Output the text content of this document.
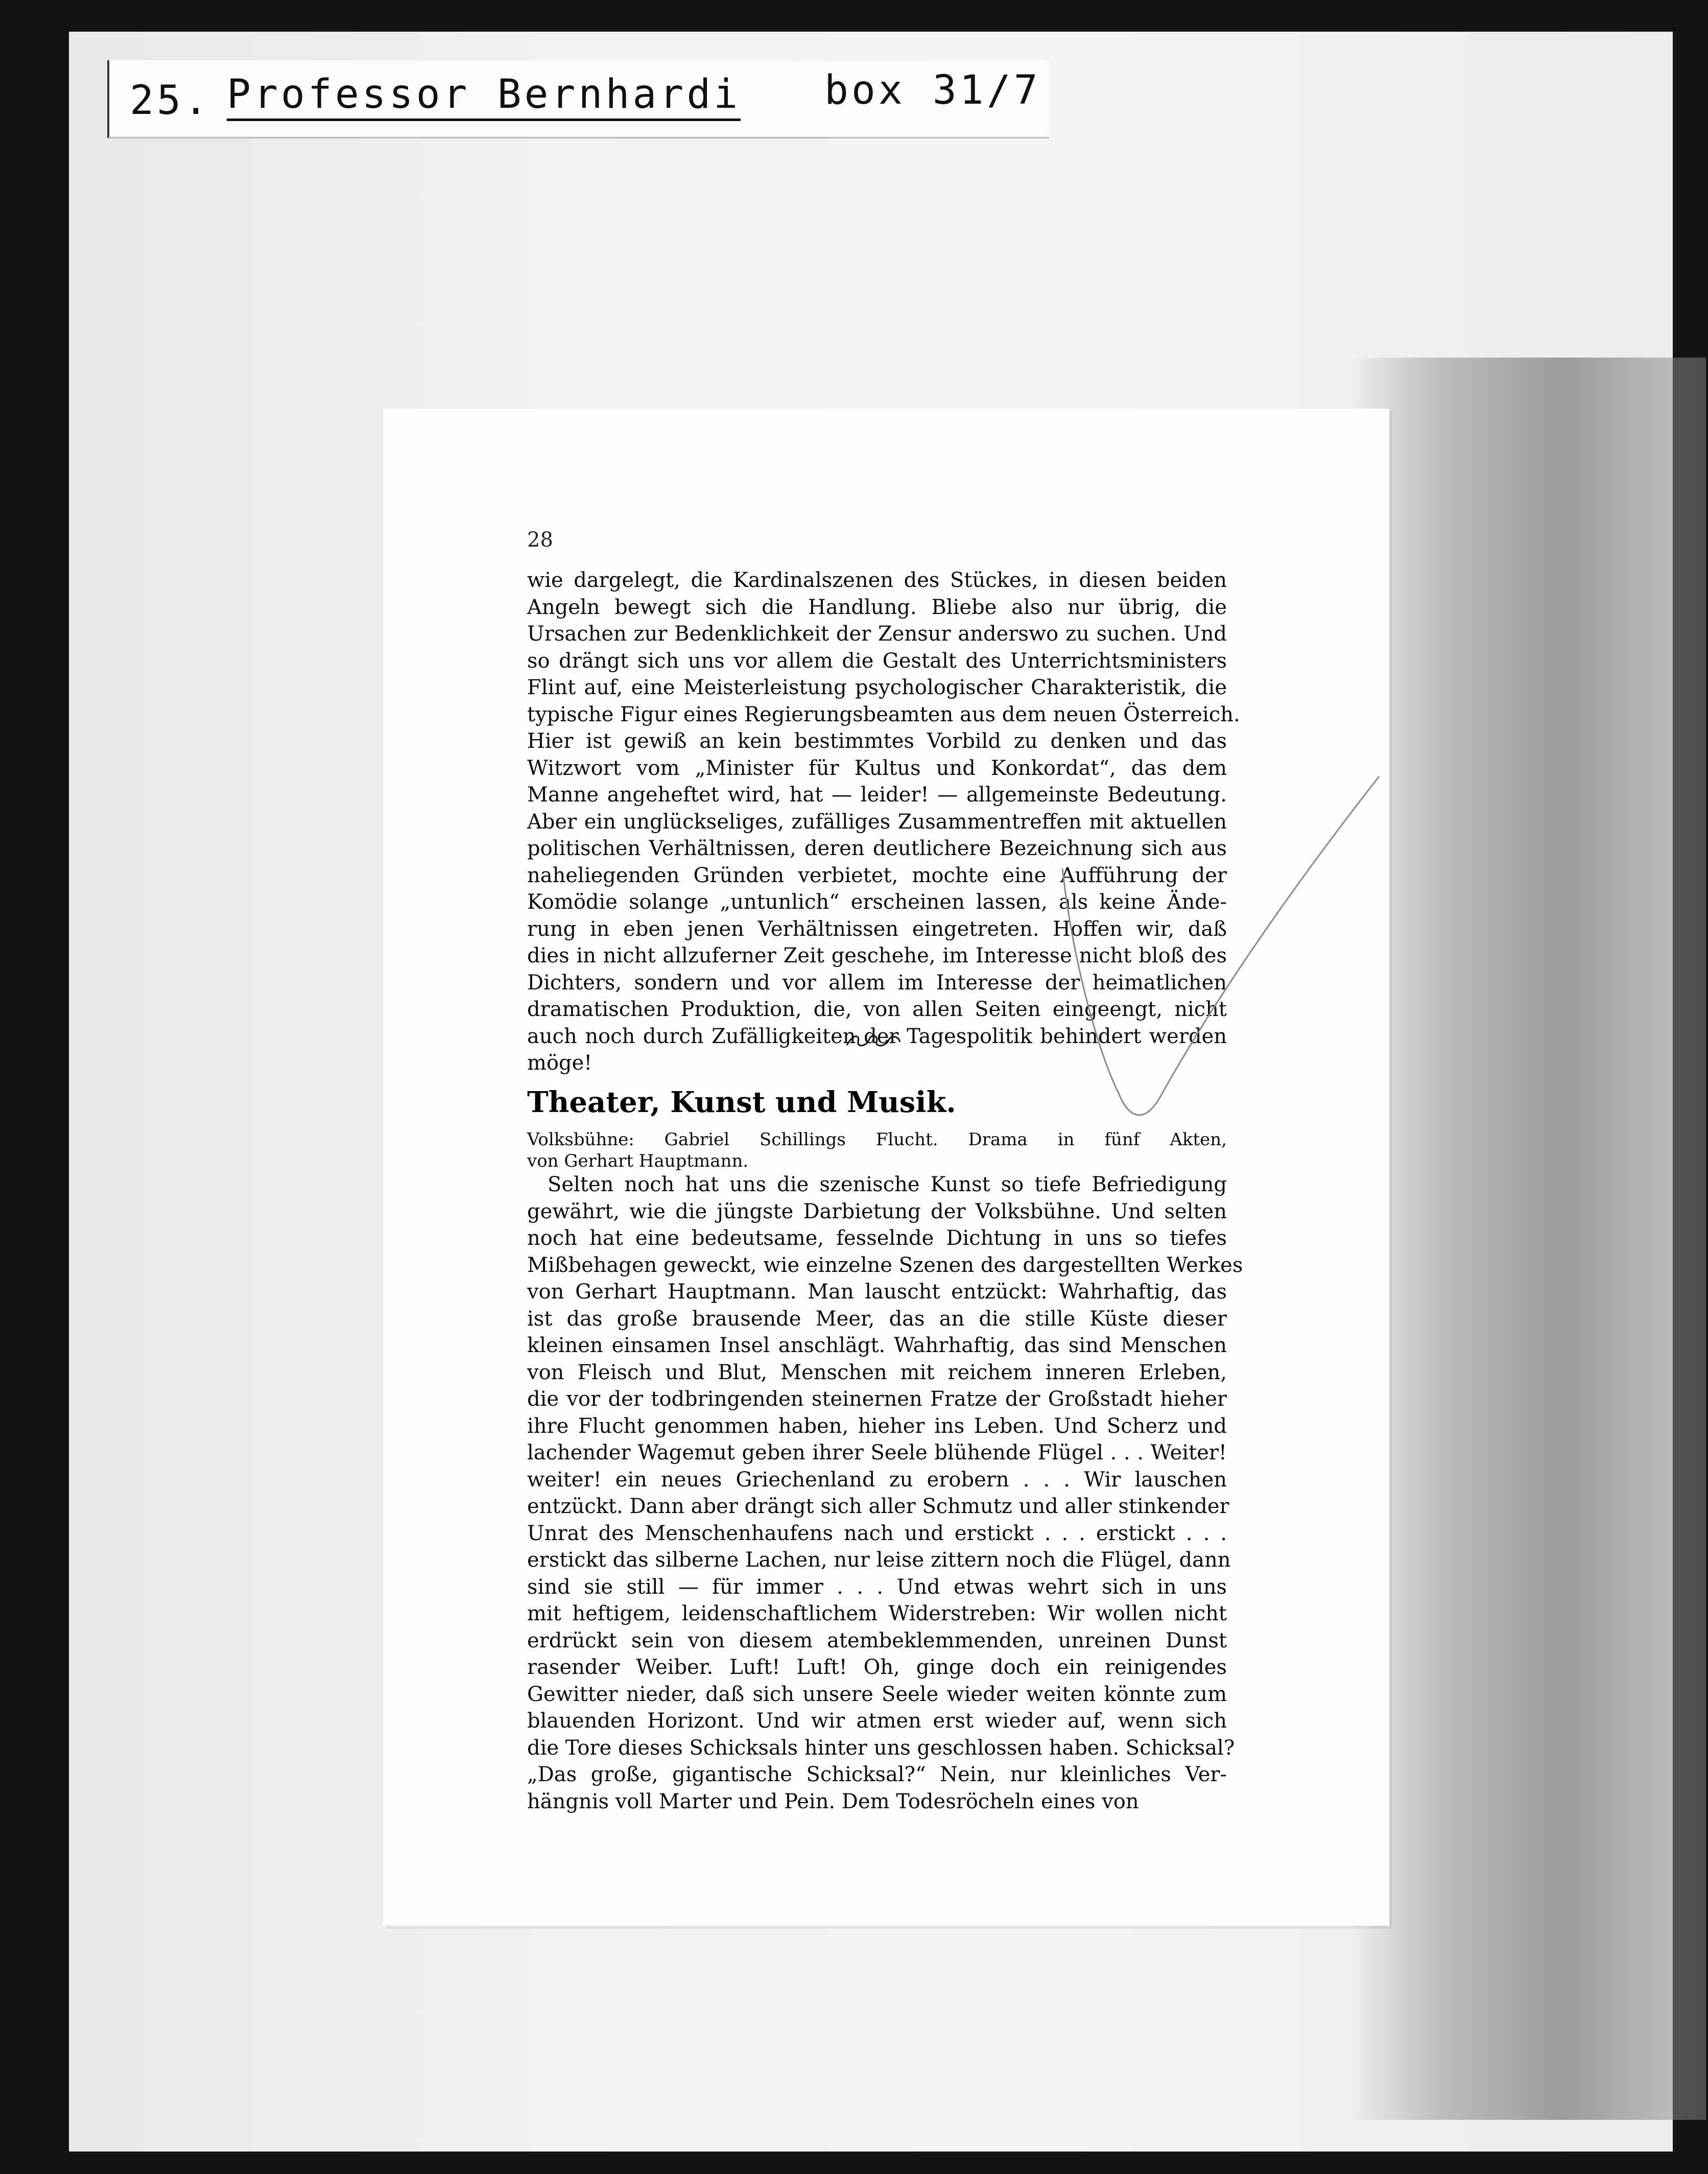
25. Professor Bernhardi box 31/7
28
wie dargelegt, die Kardinalszenen des Stückes, in diesen beiden
Angeln bewegt sich die Handlung. Bliebe also nur übrig, die
Ursachen zur Bedenklichkeit der Zensur anderswo zu suchen. Und
so drängt sich uns vor allem die Gestalt des Unterrichtsministers
Flint auf, eine Meisterleistung psychologischer Charakteristik, die
typische Figur eines Regierungsbeamten aus dem neuen Österreich.
Hier ist gewiß an kein bestimmtes Vorbild zu denken und das
Witzwort vom „Minister für Kultus und Konkordat“, das dem
Manne angeheftet wird, hat — leider! — allgemeinste Bedeutung.
Aber ein unglückseliges, zufälliges Zusammentreffen mit aktuellen
politischen Verhältnissen, deren deutlichere Bezeichnung sich aus
naheliegenden Gründen verbietet, mochte eine Aufführung der
Komödie solange „untunlich“ erscheinen lassen, als keine Ände-
rung in eben jenen Verhältnissen eingetreten. Hoffen wir, daß
dies in nicht allzuferner Zeit geschehe, im Interesse nicht bloß des
Dichters, sondern und vor allem im Interesse der heimatlichen
dramatischen Produktion, die, von allen Seiten eingeengt, nicht
auch noch durch Zufälligkeiten der Tagespolitik behindert werden
möge!
Theater, Kunst und Musik.
Volksbühne: Gabriel Schillings Flucht. Drama in fünf Akten,
von Gerhart Hauptmann.
Selten noch hat uns die szenische Kunst so tiefe Befriedigung
gewährt, wie die jüngste Darbietung der Volksbühne. Und selten
noch hat eine bedeutsame, fesselnde Dichtung in uns so tiefes
Mißbehagen geweckt, wie einzelne Szenen des dargestellten Werkes
von Gerhart Hauptmann. Man lauscht entzückt: Wahrhaftig, das
ist das große brausende Meer, das an die stille Küste dieser
kleinen einsamen Insel anschlägt. Wahrhaftig, das sind Menschen
von Fleisch und Blut, Menschen mit reichem inneren Erleben,
die vor der todbringenden steinernen Fratze der Großstadt hieher
ihre Flucht genommen haben, hieher ins Leben. Und Scherz und
lachender Wagemut geben ihrer Seele blühende Flügel . . . Weiter!
weiter! ein neues Griechenland zu erobern . . . Wir lauschen
entzückt. Dann aber drängt sich aller Schmutz und aller stinkender
Unrat des Menschenhaufens nach und erstickt . . . erstickt . . .
erstickt das silberne Lachen, nur leise zittern noch die Flügel, dann
sind sie still — für immer . . . Und etwas wehrt sich in uns
mit heftigem, leidenschaftlichem Widerstreben: Wir wollen nicht
erdrückt sein von diesem atembeklemmenden, unreinen Dunst
rasender Weiber. Luft! Luft! Oh, ginge doch ein reinigendes
Gewitter nieder, daß sich unsere Seele wieder weiten könnte zum
blauenden Horizont. Und wir atmen erst wieder auf, wenn sich
die Tore dieses Schicksals hinter uns geschlossen haben. Schicksal?
„Das große, gigantische Schicksal?“ Nein, nur kleinliches Ver-
hängnis voll Marter und Pein. Dem Todesröcheln eines von
